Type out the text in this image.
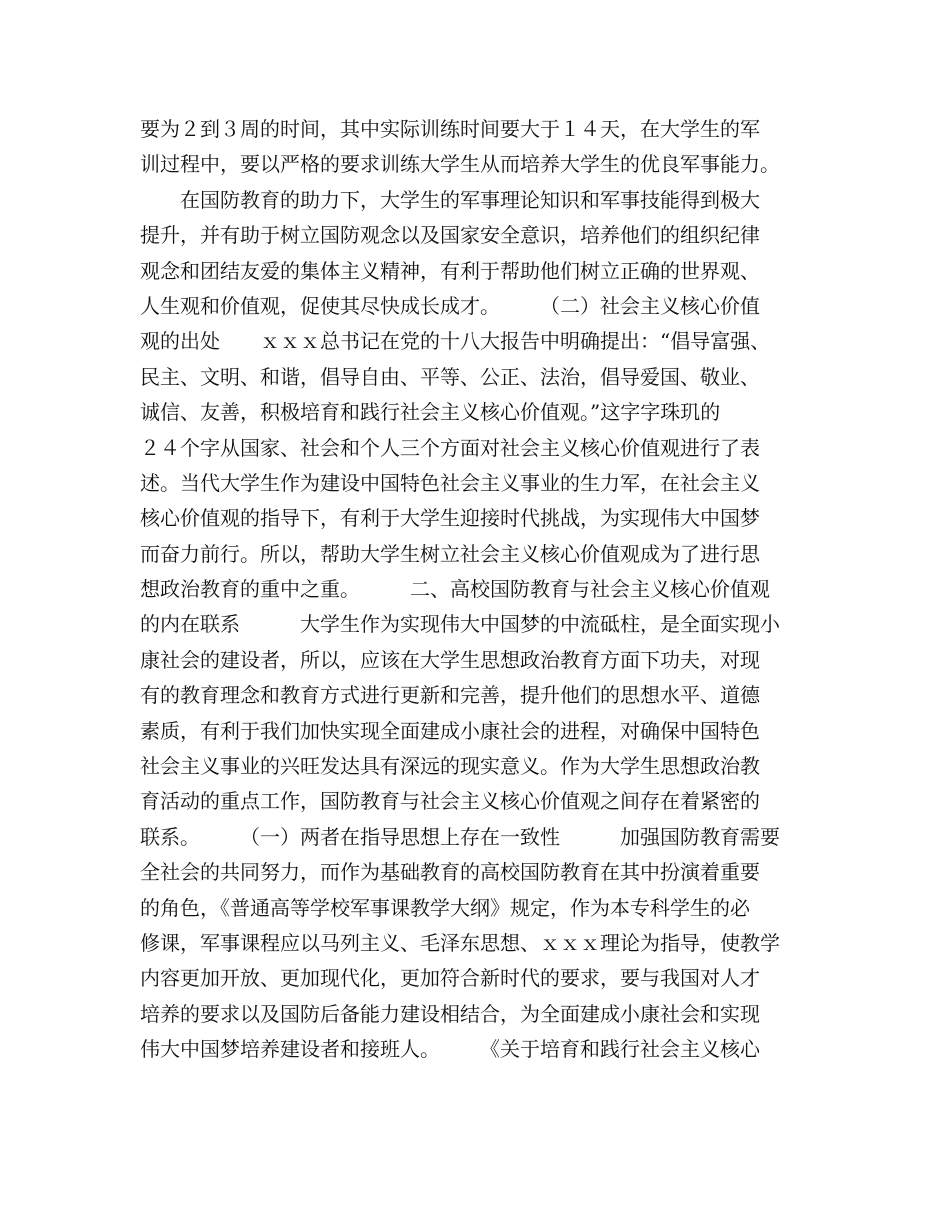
要为２到３周的时间，其中实际训练时间要大于１４天，在大学生的军
训过程中，要以严格的要求训练大学生从而培养大学生的优良军事能力。
　　在国防教育的助力下，大学生的军事理论知识和军事技能得到极大
提升，并有助于树立国防观念以及国家安全意识，培养他们的组织纪律
观念和团结友爱的集体主义精神，有利于帮助他们树立正确的世界观、
人生观和价值观，促使其尽快成长成才。　　　（二）社会主义核心价值
观的出处　　ｘｘｘ总书记在党的十八大报告中明确提出：“倡导富强、
民主、文明、和谐，倡导自由、平等、公正、法治，倡导爱国、敬业、
诚信、友善，积极培育和践行社会主义核心价值观。”这字字珠玑的
２４个字从国家、社会和个人三个方面对社会主义核心价值观进行了表
述。当代大学生作为建设中国特色社会主义事业的生力军，在社会主义
核心价值观的指导下，有利于大学生迎接时代挑战，为实现伟大中国梦
而奋力前行。所以，帮助大学生树立社会主义核心价值观成为了进行思
想政治教育的重中之重。　　　二、高校国防教育与社会主义核心价值观
的内在联系　　　大学生作为实现伟大中国梦的中流砥柱，是全面实现小
康社会的建设者，所以，应该在大学生思想政治教育方面下功夫，对现
有的教育理念和教育方式进行更新和完善，提升他们的思想水平、道德
素质，有利于我们加快实现全面建成小康社会的进程，对确保中国特色
社会主义事业的兴旺发达具有深远的现实意义。作为大学生思想政治教
育活动的重点工作，国防教育与社会主义核心价值观之间存在着紧密的
联系。　　　（一）两者在指导思想上存在一致性　　　加强国防教育需要
全社会的共同努力，而作为基础教育的高校国防教育在其中扮演着重要
的角色，《普通高等学校军事课教学大纲》规定，作为本专科学生的必
修课，军事课程应以马列主义、毛泽东思想、ｘｘｘ理论为指导，使教学
内容更加开放、更加现代化，更加符合新时代的要求，要与我国对人才
培养的要求以及国防后备能力建设相结合，为全面建成小康社会和实现
伟大中国梦培养建设者和接班人。　　　《关于培育和践行社会主义核心
